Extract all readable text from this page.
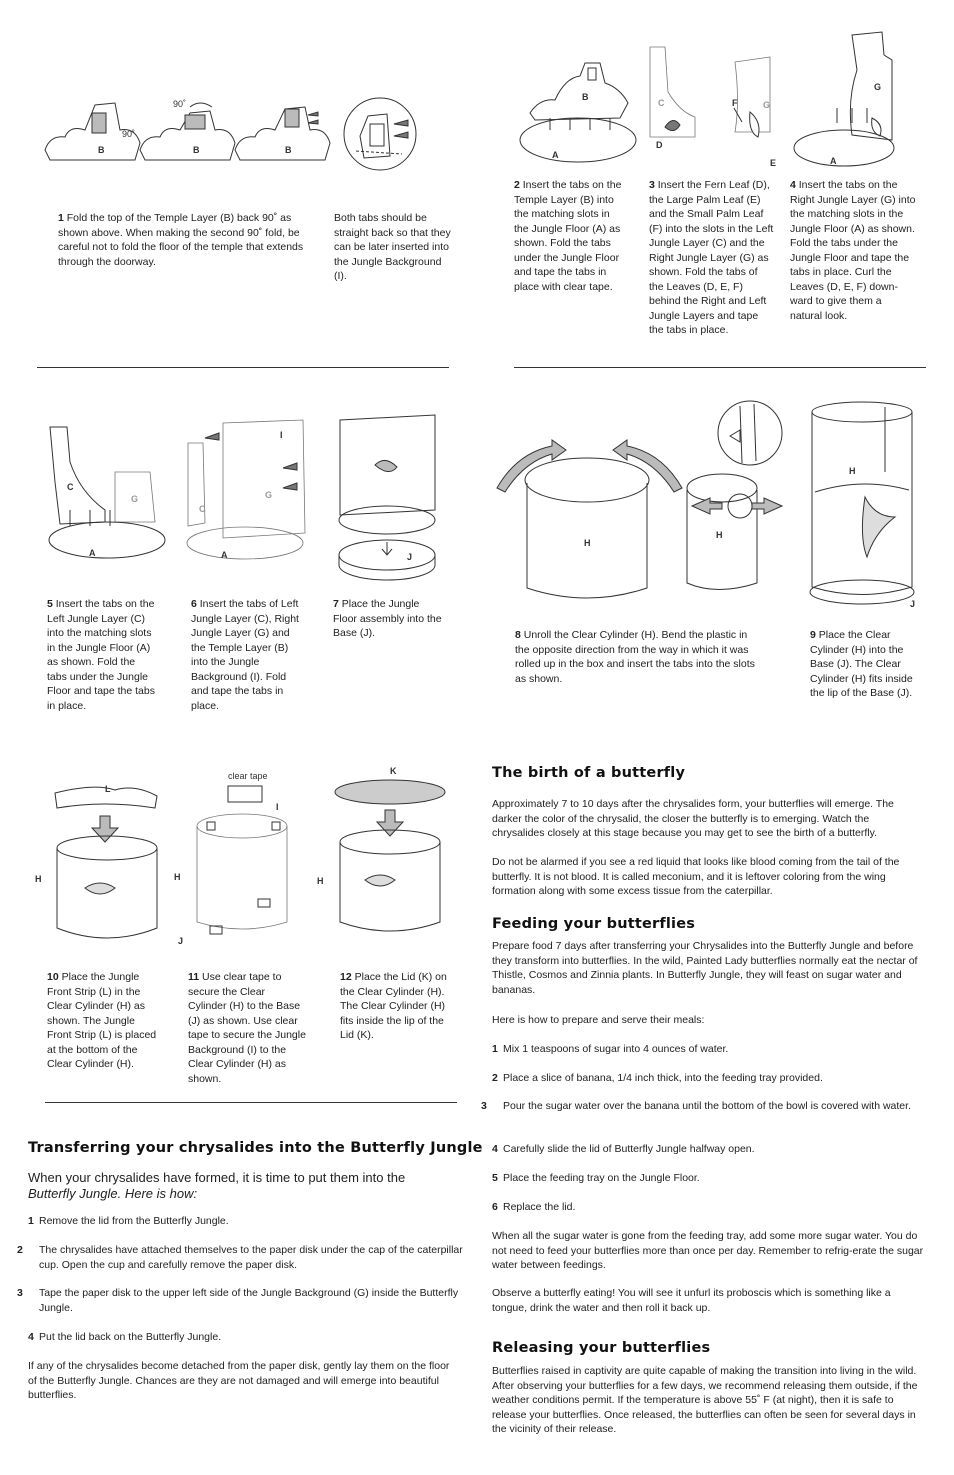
B
90˚
90˚
B	B
1 Fold the top of the Temple Layer (B) back 90˚ as shown above. When making the second 90˚ fold, be careful not to fold the floor of the temple that extends through the doorway.
Both tabs should be straight back so that they can be later inserted into the Jungle Background (I).
B
A
C	G
D
E
F
G
A
2 Insert the tabs on the Temple Layer (B) into the matching slots in the Jungle Floor (A) as shown. Fold the tabs under the Jungle Floor and tape the tabs in place with clear tape.
3 Insert the Fern Leaf (D), the Large Palm Leaf (E) and the Small Palm Leaf (F) into the slots in the Left Jungle Layer (C) and the Right Jungle Layer (G) as shown. Fold the tabs of the Leaves (D, E, F) behind the Right and Left Jungle Layers and tape the tabs in place.
4 Insert the tabs on the Right Jungle Layer (G) into the matching slots in the Jungle Floor (A) as shown. Fold the tabs under the Jungle Floor and tape the tabs in place. Curl the Leaves (D, E, F) down-ward to give them a natural look.
C
G
A
I
C
G
A	J
5 Insert the tabs on the Left Jungle Layer (C) into the matching slots in the Jungle Floor (A) as shown. Fold the tabs under the Jungle Floor and tape the tabs in place.
6 Insert the tabs of Left Jungle Layer (C), Right Jungle Layer (G) and the Temple Layer (B) into the Jungle Background (I). Fold and tape the tabs in place.
7 Place the Jungle Floor assembly into the Base (J).
H
H
H
J
8 Unroll the Clear Cylinder (H). Bend the plastic in the opposite direction from the way in which it was rolled up in the box and insert the tabs into the slots as shown.
9 Place the Clear Cylinder (H) into the Base (J). The Clear Cylinder (H) fits inside the lip of the Base (J).
L
H
clear tape
I
H
J
K
H
10 Place the Jungle Front Strip (L) in the Clear Cylinder (H) as shown. The Jungle Front Strip (L) is placed at the bottom of the Clear Cylinder (H).
11 Use clear tape to secure the Clear Cylinder (H) to the Base (J) as shown. Use clear tape to secure the Jungle Background (I) to the Clear Cylinder (H) as shown.
12 Place the Lid (K) on the Clear Cylinder (H). The Clear Cylinder (H) fits inside the lip of the Lid (K).
Transferring your chrysalides into the Butterfly Jungle
When your chrysalides have formed, it is time to put them into the
Butterfly Jungle. Here is how:
1 Remove the lid from the Butterfly Jungle.
2 The chrysalides have attached themselves to the paper disk under the cap of the caterpillar cup. Open the cup and carefully remove the paper disk.
3 Tape the paper disk to the upper left side of the Jungle Background (G) inside the Butterfly Jungle.
4 Put the lid back on the Butterfly Jungle.
If any of the chrysalides become detached from the paper disk, gently lay them on the floor of the Butterfly Jungle. Chances are they are not damaged and will emerge into beautiful butterflies.
The birth of a butterfly
Approximately 7 to 10 days after the chrysalides form, your butterflies will emerge. The darker the color of the chrysalid, the closer the butterfly is to emerging. Watch the chrysalides closely at this stage because you may get to see the birth of a butterfly.
Do not be alarmed if you see a red liquid that looks like blood coming from the tail of the butterfly. It is not blood. It is called meconium, and it is leftover coloring from the wing formation along with some excess tissue from the caterpillar.
Feeding your butterflies
Prepare food 7 days after transferring your Chrysalides into the Butterfly Jungle and before they transform into butterflies. In the wild, Painted Lady butterflies normally eat the nectar of Thistle, Cosmos and Zinnia plants. In Butterfly Jungle, they will feast on sugar water and bananas.
Here is how to prepare and serve their meals:
1 Mix 1 teaspoons of sugar into 4 ounces of water.
2 Place a slice of banana, 1/4 inch thick, into the feeding tray provided.
3 Pour the sugar water over the banana until the bottom of the bowl is covered with water.
4 Carefully slide the lid of Butterfly Jungle halfway open.
5 Place the feeding tray on the Jungle Floor.
6 Replace the lid.
When all the sugar water is gone from the feeding tray, add some more sugar water. You do not need to feed your butterflies more than once per day. Remember to refrig-erate the sugar water between feedings.
Observe a butterfly eating! You will see it unfurl its proboscis which is something like a tongue, drink the water and then roll it back up.
Releasing your butterflies
Butterflies raised in captivity are quite capable of making the transition into living in the wild. After observing your butterflies for a few days, we recommend releasing them outside, if the weather conditions permit. If the temperature is above 55˚ F (at night), then it is safe to release your butterflies. Once released, the butterflies can often be seen for several days in the vicinity of their release.
